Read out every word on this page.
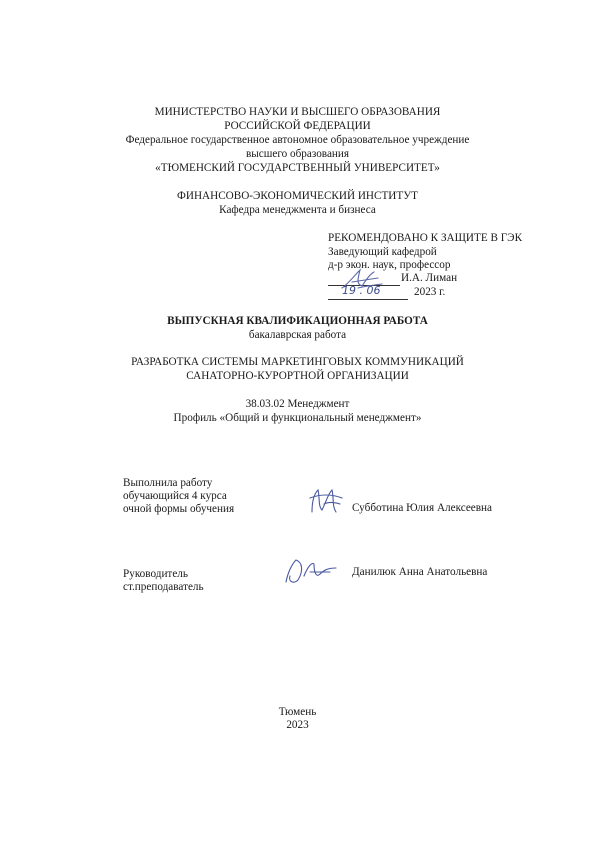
МИНИСТЕРСТВО НАУКИ И ВЫСШЕГО ОБРАЗОВАНИЯ
РОССИЙСКОЙ ФЕДЕРАЦИИ
Федеральное государственное автономное образовательное учреждение
высшего образования
«ТЮМЕНСКИЙ ГОСУДАРСТВЕННЫЙ УНИВЕРСИТЕТ»
ФИНАНСОВО-ЭКОНОМИЧЕСКИЙ ИНСТИТУТ
Кафедра менеджмента и бизнеса
РЕКОМЕНДОВАНО К ЗАЩИТЕ В ГЭК
Заведующий кафедрой
д-р экон. наук, профессор
И.А. Лиман
19 . 06	2023 г.
ВЫПУСКНАЯ КВАЛИФИКАЦИОННАЯ РАБОТА
бакалаврская работа
РАЗРАБОТКА СИСТЕМЫ МАРКЕТИНГОВЫХ КОММУНИКАЦИЙ
САНАТОРНО-КУРОРТНОЙ ОРГАНИЗАЦИИ
38.03.02 Менеджмент
Профиль «Общий и функциональный менеджмент»
Выполнила работу
обучающийся 4 курса
очной формы обучения	Субботина Юлия Алексеевна
Руководитель
ст.преподаватель
Данилюк Анна Анатольевна
Тюмень
2023
